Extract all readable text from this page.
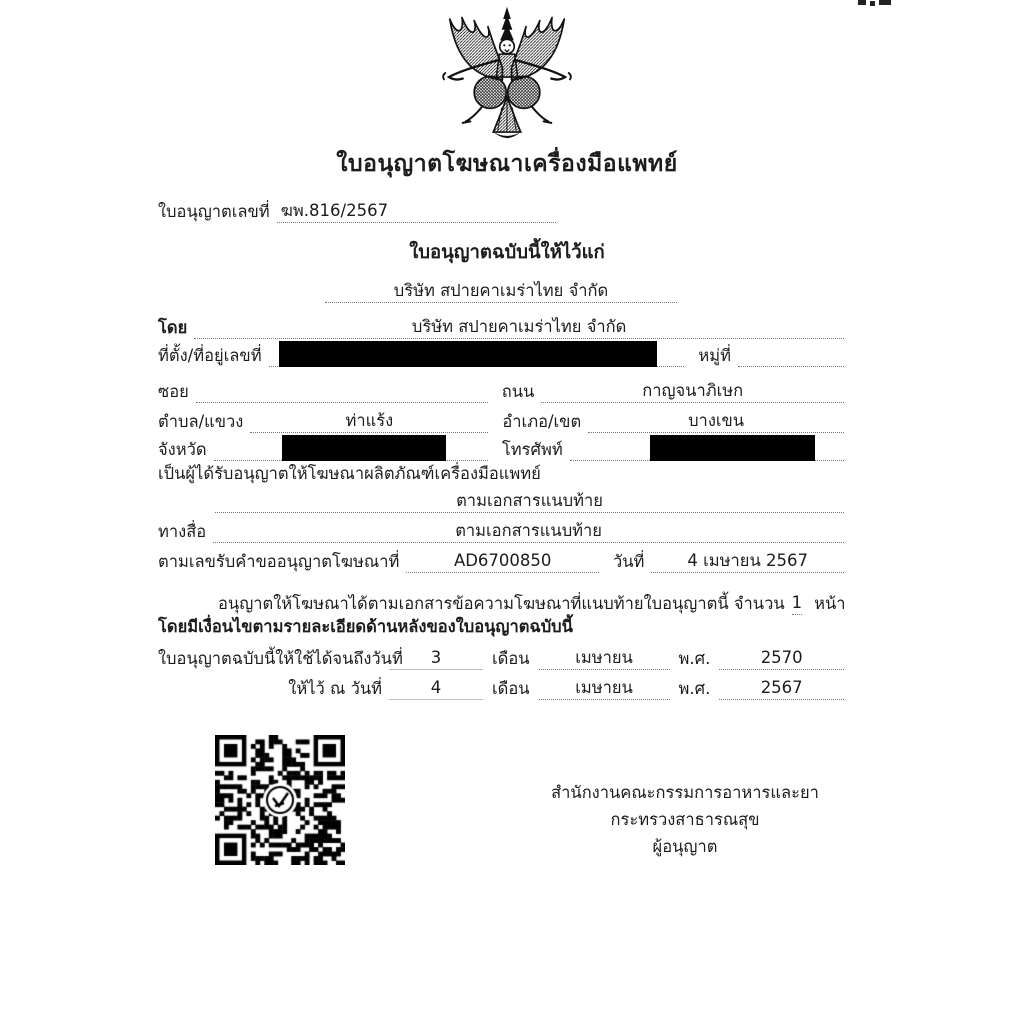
ใบอนุญาตโฆษณาเครื่องมือแพทย์
ใบอนุญาตเลขที่ ฆพ.816/2567
ใบอนุญาตฉบับนี้ให้ไว้แก่
บริษัท สปายคาเมร่าไทย จำกัด
โดย	บริษัท สปายคาเมร่าไทย จำกัด
ที่ตั้ง/ที่อยู่เลขที่	หมู่ที่
ซอย	ถนน	กาญจนาภิเษก
ตำบล/แขวง	ท่าแร้ง	อำเภอ/เขต	บางเขน
จังหวัด	โทรศัพท์
เป็นผู้ได้รับอนุญาตให้โฆษณาผลิตภัณฑ์เครื่องมือแพทย์
ตามเอกสารแนบท้าย
ทางสื่อ	ตามเอกสารแนบท้าย
ตามเลขรับคำขออนุญาตโฆษณาที่	AD6700850	วันที่	4 เมษายน 2567
อนุญาตให้โฆษณาได้ตามเอกสารข้อความโฆษณาที่แนบท้ายใบอนุญาตนี้ จำนวน 1 หน้า
โดยมีเงื่อนไขตามรายละเอียดด้านหลังของใบอนุญาตฉบับนี้
ใบอนุญาตฉบับนี้ให้ใช้ได้จนถึงวันที่	3	เดือน	เมษายน	พ.ศ.	2570
ให้ไว้ ณ วันที่	4	เดือน	เมษายน	พ.ศ.	2567
สำนักงานคณะกรรมการอาหารและยา
กระทรวงสาธารณสุข
ผู้อนุญาต
